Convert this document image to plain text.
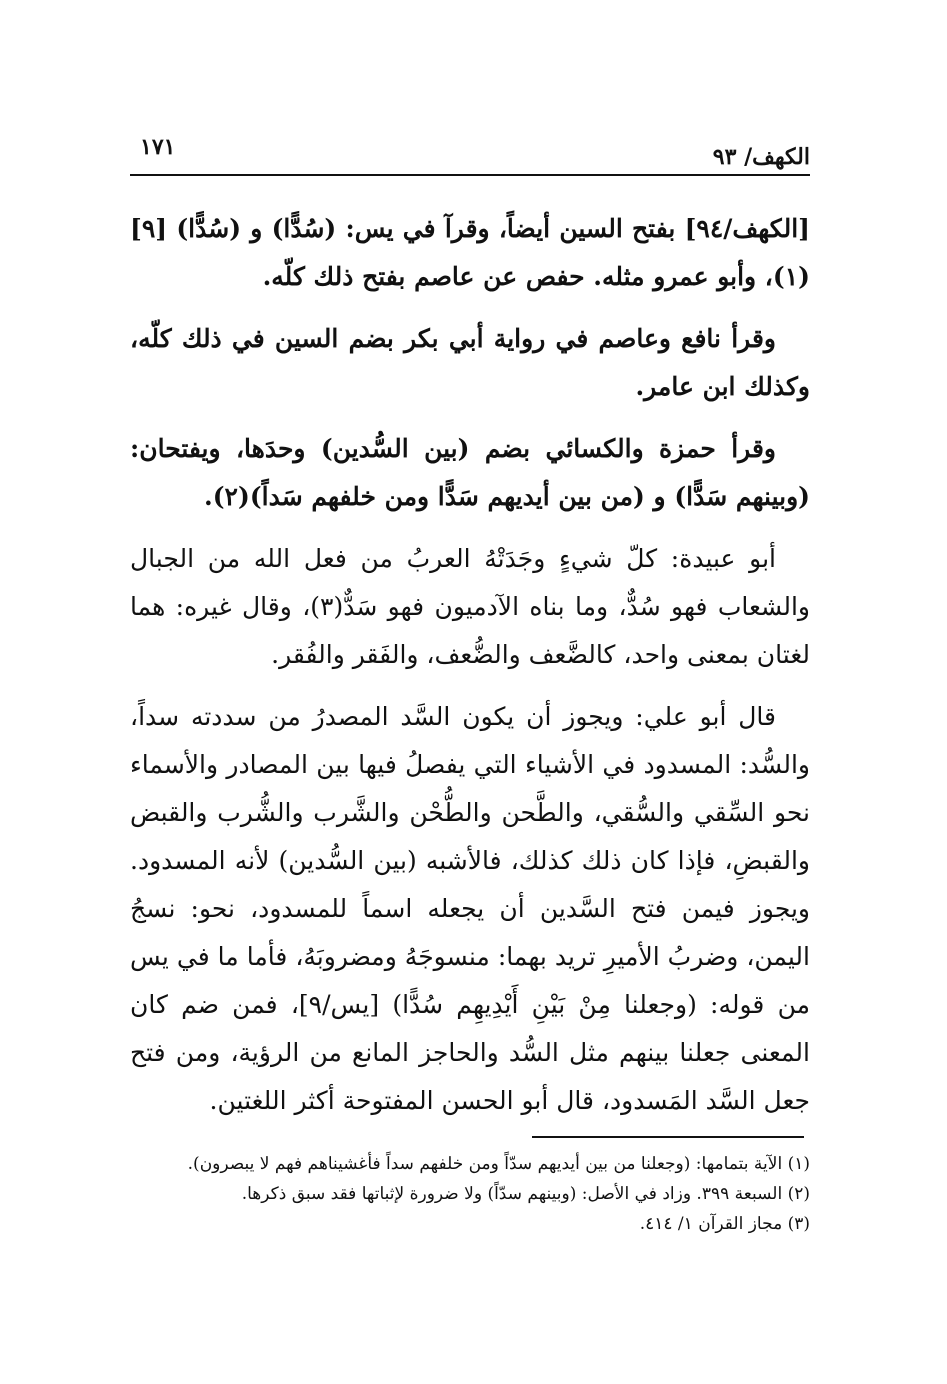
الكهف/ ٩٣
١٧١

[الكهف/٩٤] بفتح السين أيضاً، وقرآ في يس: (سُدًّا) و (سُدًّا) [٩](١)، وأبو عمرو مثله. حفص عن عاصم بفتح ذلك كلّه.

وقرأ نافع وعاصم في رواية أبي بكر بضم السين في ذلك كلّه، وكذلك ابن عامر.

وقرأ حمزة والكسائي بضم (بين السُّدين) وحدَها، ويفتحان: (وبينهم سَدًّا) و (من بين أيديهم سَدًّا ومن خلفهم سَداً)(٢).

أبو عبيدة: كلّ شيءٍ وجَدَتْهُ العربُ من فعل الله من الجبال والشعاب فهو سُدٌّ، وما بناه الآدميون فهو سَدٌّ(٣)، وقال غيره: هما لغتان بمعنى واحد، كالضَّعف والضُّعف، والفَقر والفُقر.

قال أبو علي: ويجوز أن يكون السَّد المصدرُ من سددته سداً، والسُّد: المسدود في الأشياء التي يفصلُ فيها بين المصادر والأسماء نحو السِّقي والسُّقي، والطَّحن والطُّحْن والشَّرب والشُّرب والقبض والقبضِ، فإذا كان ذلك كذلك، فالأشبه (بين السُّدين) لأنه المسدود. ويجوز فيمن فتح السَّدين أن يجعله اسماً للمسدود، نحو: نسجُ اليمن، وضربُ الأميرِ تريد بهما: منسوجَهُ ومضروبَهُ، فأما ما في يس من قوله: (وجعلنا مِنْ بَيْنِ أَيْدِيهِم سُدًّا) [يس/٩]، فمن ضم كان المعنى جعلنا بينهم مثل السُّد والحاجز المانع من الرؤية، ومن فتح جعل السَّد المَسدود، قال أبو الحسن المفتوحة أكثر اللغتين.

(١) الآية بتمامها: (وجعلنا من بين أيديهم سدّاً ومن خلفهم سداً فأغشيناهم فهم لا يبصرون).

(٢) السبعة ٣٩٩. وزاد في الأصل: (وبينهم سدّاً) ولا ضرورة لإثباتها فقد سبق ذكرها.

(٣) مجاز القرآن ١/ ٤١٤.
